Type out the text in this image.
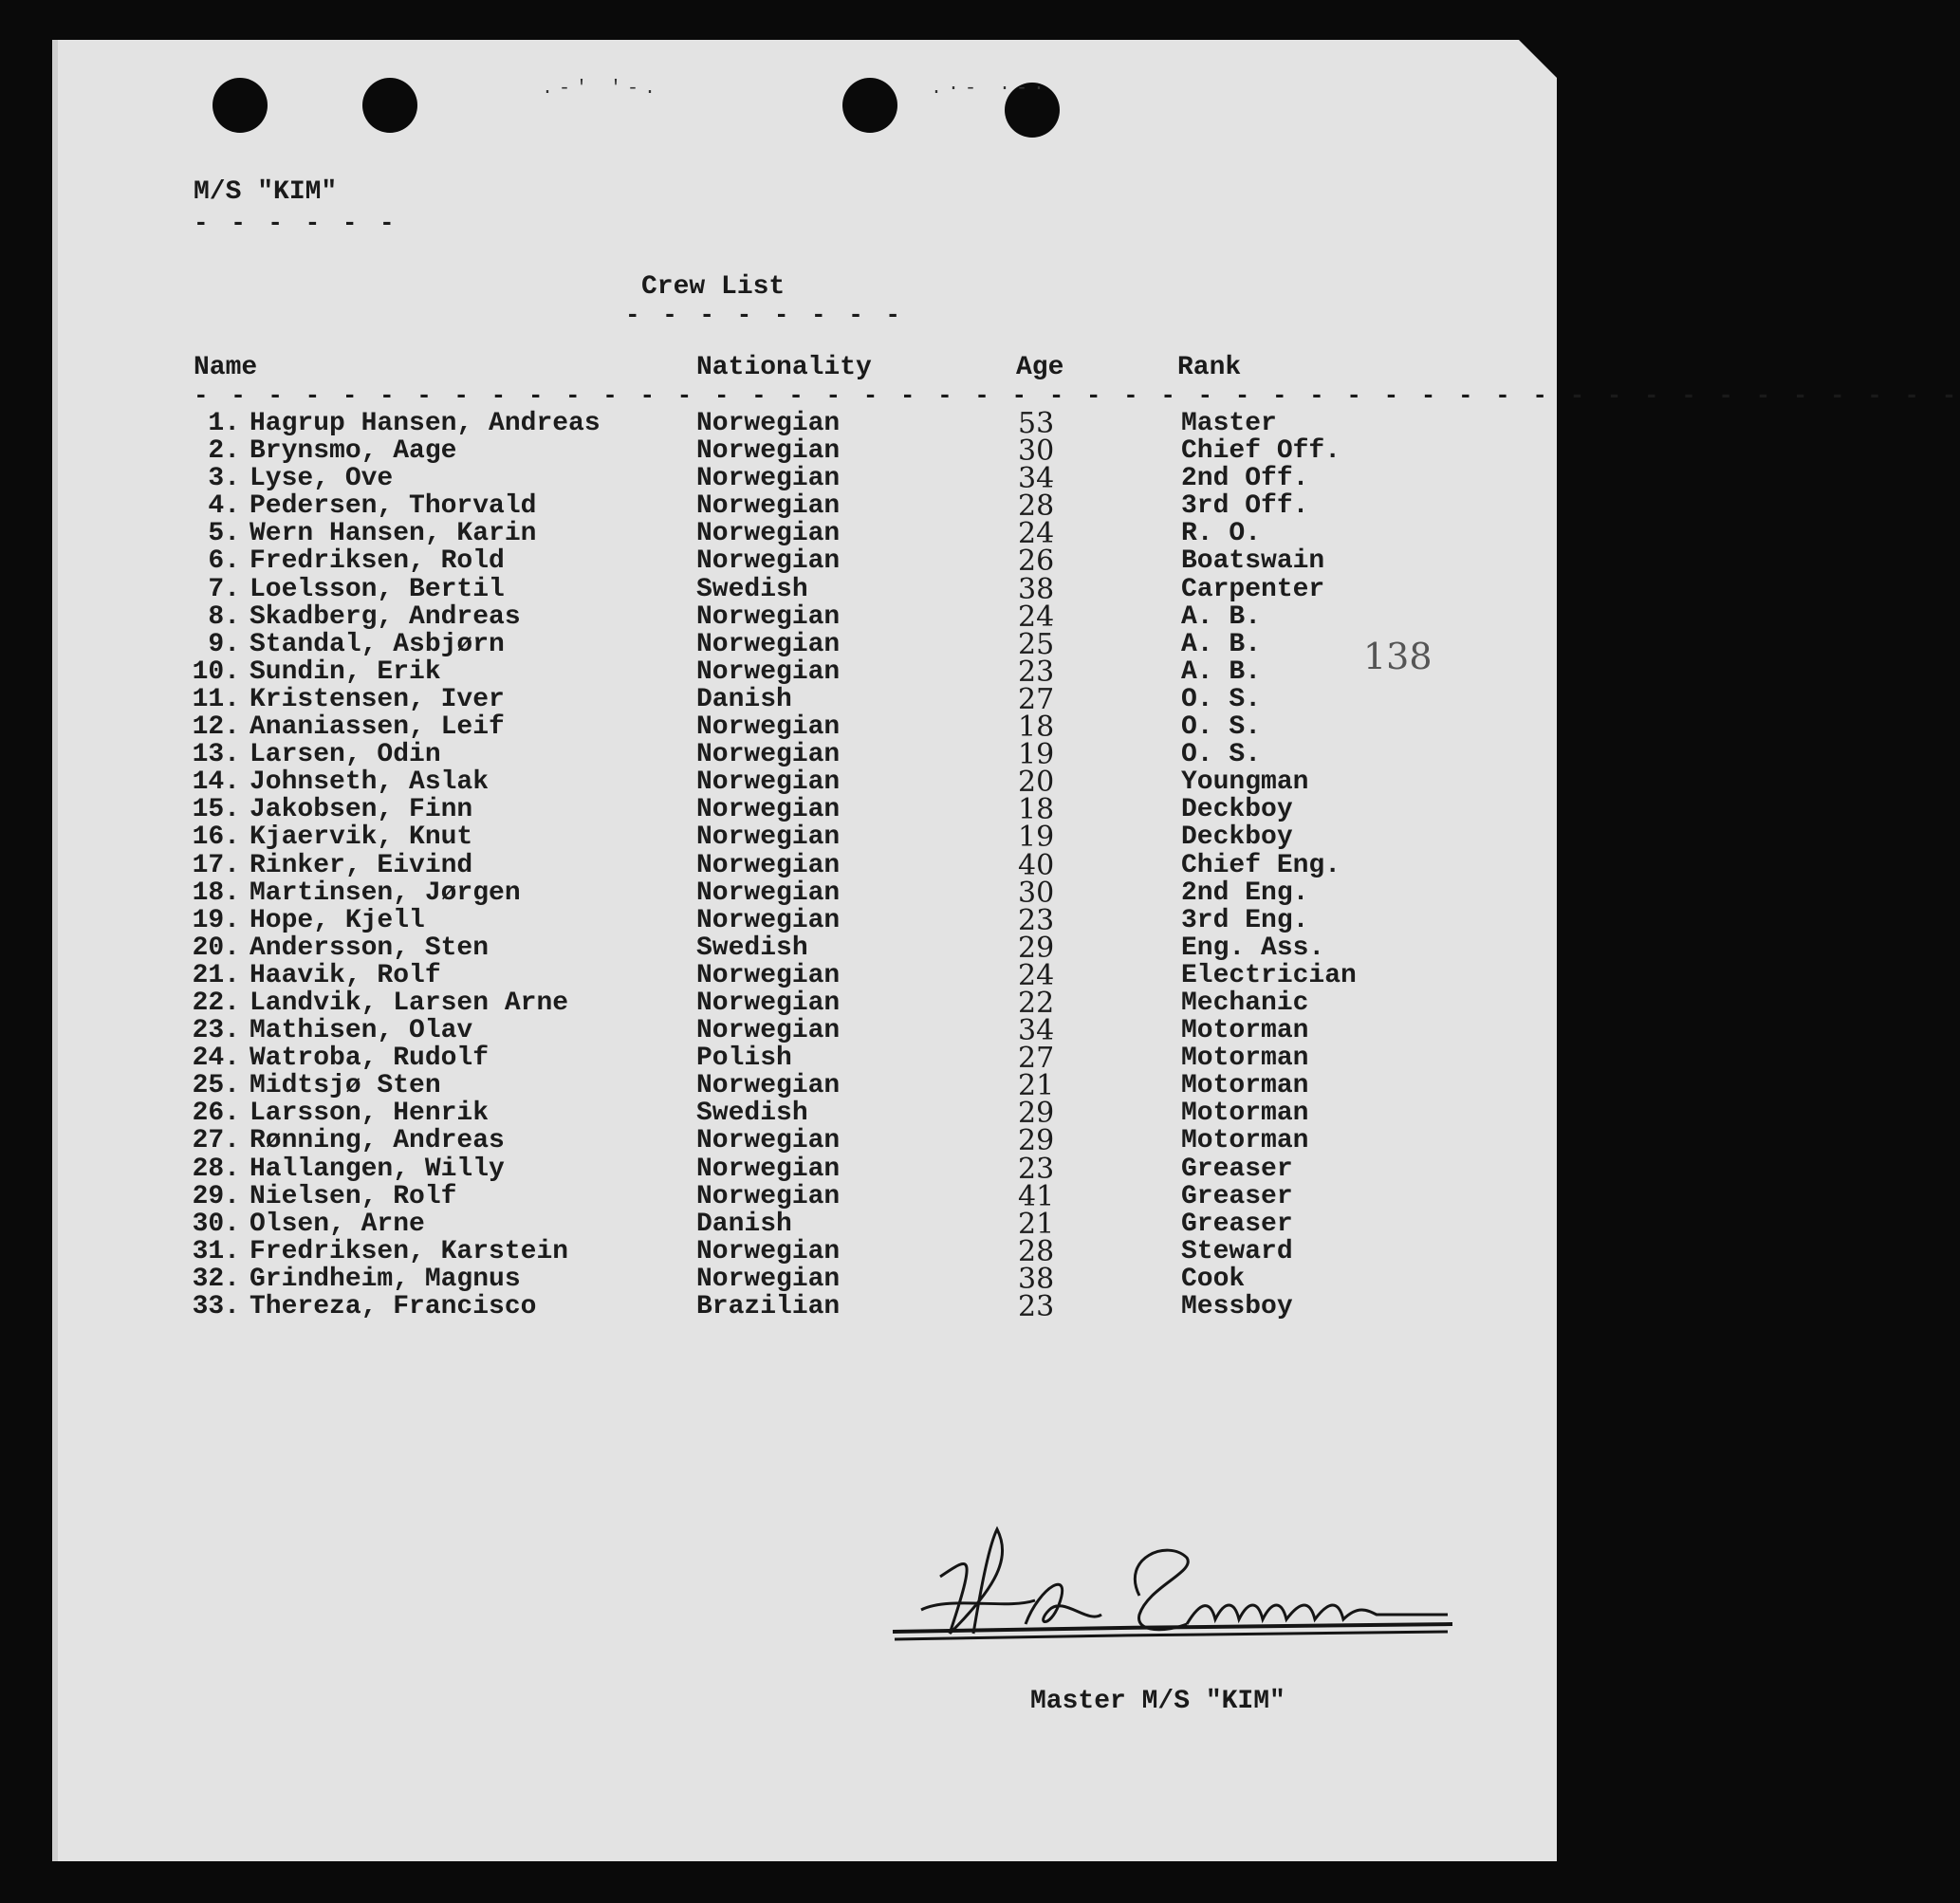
.-' '-.	.·- ·-·
M/S "KIM"
- - - - - -
Crew List
- - - - - - - -
Name	Nationality	Age	Rank
- - - - - - - - - - - - - - - - - - - - - - - - - - - - - - - - - - - - - - - - - - - - - - - -
1. Hagrup Hansen, Andreas	Norwegian	53	Master
2. Brynsmo, Aage	Norwegian	30	Chief Off.
3. Lyse, Ove	Norwegian	34	2nd Off.
4. Pedersen, Thorvald	Norwegian	28	3rd Off.
5. Wern Hansen, Karin	Norwegian	24	R. O.
6. Fredriksen, Rold	Norwegian	26	Boatswain
7. Loelsson, Bertil	Swedish	38	Carpenter
8. Skadberg, Andreas	Norwegian	24	A. B.
9. Standal, Asbjørn	Norwegian	25	A. B.
10. Sundin, Erik	Norwegian	23	A. B.
11. Kristensen, Iver	Danish	27	O. S.
12. Ananiassen, Leif	Norwegian	18	O. S.
13. Larsen, Odin	Norwegian	19	O. S.
14. Johnseth, Aslak	Norwegian	20	Youngman
15. Jakobsen, Finn	Norwegian	18	Deckboy
16. Kjaervik, Knut	Norwegian	19	Deckboy
17. Rinker, Eivind	Norwegian	40	Chief Eng.
18. Martinsen, Jørgen	Norwegian	30	2nd Eng.
19. Hope, Kjell	Norwegian	23	3rd Eng.
20. Andersson, Sten	Swedish	29	Eng. Ass.
21. Haavik, Rolf	Norwegian	24	Electrician
22. Landvik, Larsen Arne	Norwegian	22	Mechanic
23. Mathisen, Olav	Norwegian	34	Motorman
24. Watroba, Rudolf	Polish	27	Motorman
25. Midtsjø Sten	Norwegian	21	Motorman
26. Larsson, Henrik	Swedish	29	Motorman
27. Rønning, Andreas	Norwegian	29	Motorman
28. Hallangen, Willy	Norwegian	23	Greaser
29. Nielsen, Rolf	Norwegian	41	Greaser
30. Olsen, Arne	Danish	21	Greaser
31. Fredriksen, Karstein	Norwegian	28	Steward
32. Grindheim, Magnus	Norwegian	38	Cook
33. Thereza, Francisco	Brazilian	23	Messboy
138
Master M/S "KIM"
